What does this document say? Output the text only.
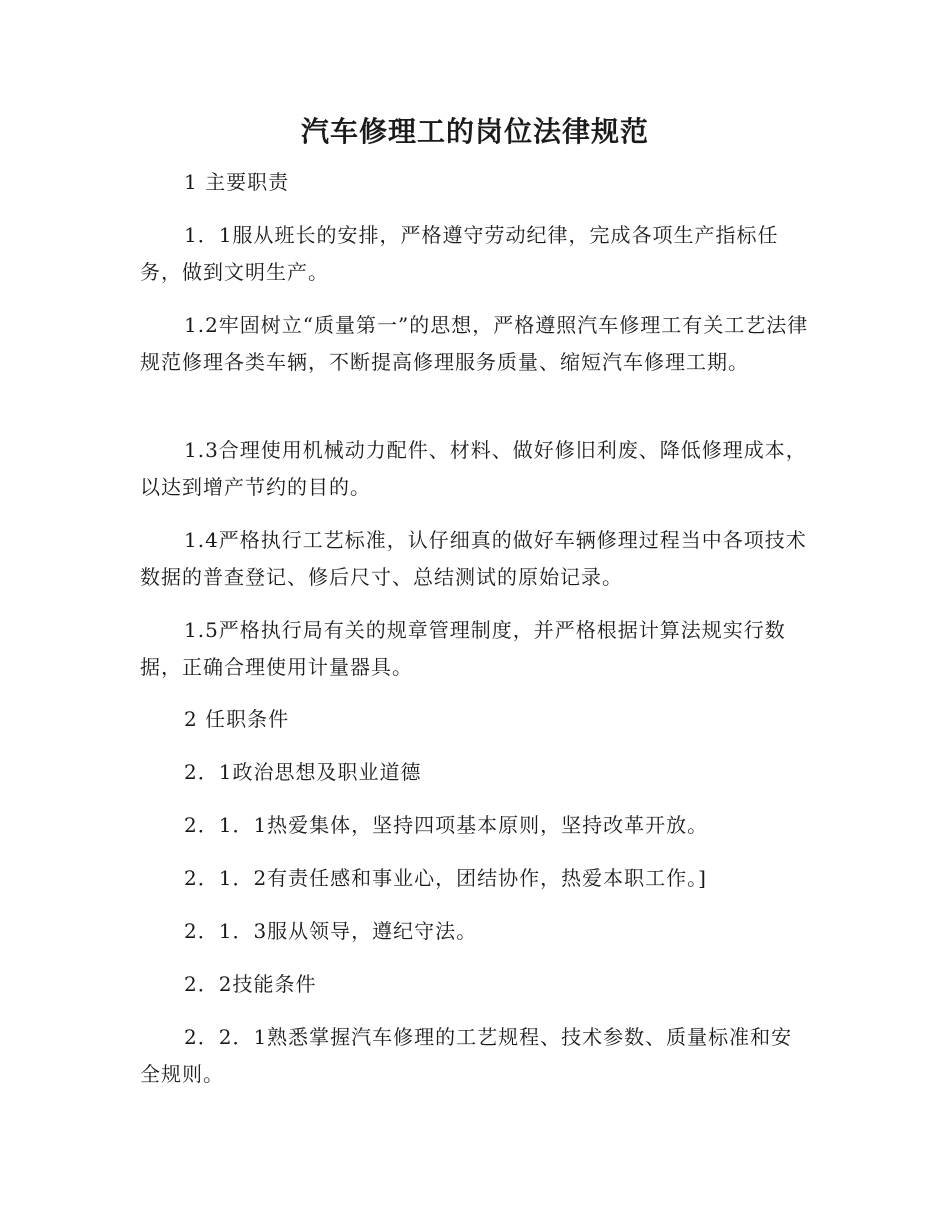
汽车修理工的岗位法律规范

1 主要职责

1．1服从班长的安排，严格遵守劳动纪律，完成各项生产指标任务，做到文明生产。

1.2牢固树立“质量第一”的思想，严格遵照汽车修理工有关工艺法律规范修理各类车辆，不断提高修理服务质量、缩短汽车修理工期。

1.3合理使用机械动力配件、材料、做好修旧利废、降低修理成本，以达到增产节约的目的。

1.4严格执行工艺标准，认仔细真的做好车辆修理过程当中各项技术数据的普查登记、修后尺寸、总结测试的原始记录。

1.5严格执行局有关的规章管理制度，并严格根据计算法规实行数据，正确合理使用计量器具。

2 任职条件

2．1政治思想及职业道德

2．1．1热爱集体，坚持四项基本原则，坚持改革开放。

2．1．2有责任感和事业心，团结协作，热爱本职工作。]

2．1．3服从领导，遵纪守法。

2．2技能条件

2．2．1熟悉掌握汽车修理的工艺规程、技术参数、质量标准和安全规则。
